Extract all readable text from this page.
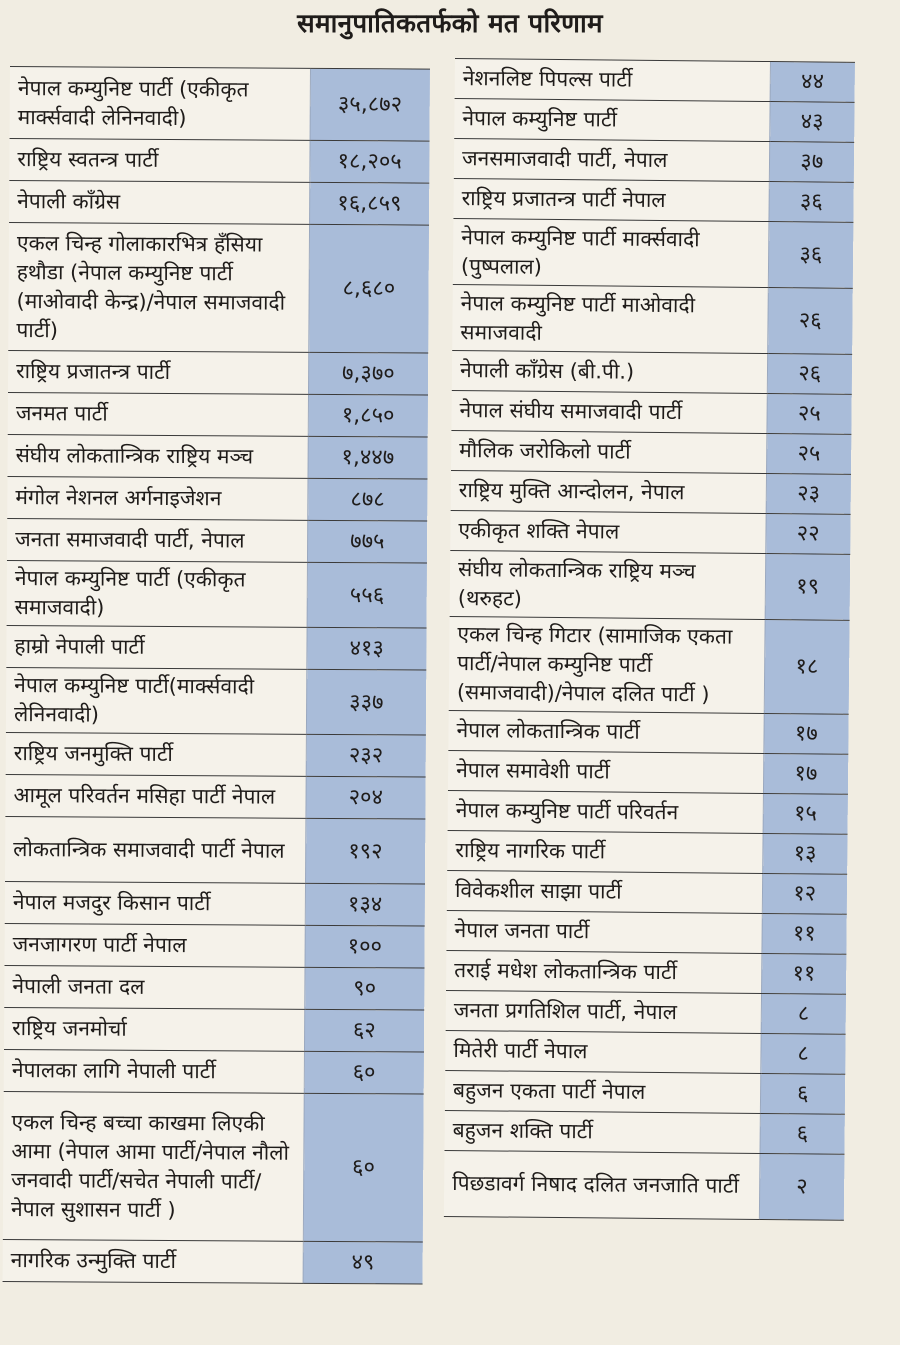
समानुपातिकतर्फको मत परिणाम
नेपाल कम्युनिष्ट पार्टी (एकीकृत मार्क्सवादी लेनिनवादी)	३५,८७२
राष्ट्रिय स्वतन्त्र पार्टी	१८,२०५
नेपाली काँग्रेस	१६,८५९
एकल चिन्ह गोलाकारभित्र हँसिया हथौडा (नेपाल कम्युनिष्ट पार्टी (माओवादी केन्द्र)/नेपाल समाजवादी पार्टी)	८,६८०
राष्ट्रिय प्रजातन्त्र पार्टी	७,३७०
जनमत पार्टी	१,८५०
संघीय लोकतान्त्रिक राष्ट्रिय मञ्च	१,४४७
मंगोल नेशनल अर्गनाइजेशन	८७८
जनता समाजवादी पार्टी, नेपाल	७७५
नेपाल कम्युनिष्ट पार्टी (एकीकृत समाजवादी)	५५६
हाम्रो नेपाली पार्टी	४१३
नेपाल कम्युनिष्ट पार्टी(मार्क्सवादी लेनिनवादी)	३३७
राष्ट्रिय जनमुक्ति पार्टी	२३२
आमूल परिवर्तन मसिहा पार्टी नेपाल	२०४
लोकतान्त्रिक समाजवादी पार्टी नेपाल	१९२
नेपाल मजदुर किसान पार्टी	१३४
जनजागरण पार्टी नेपाल	१००
नेपाली जनता दल	९०
राष्ट्रिय जनमोर्चा	६२
नेपालका लागि नेपाली पार्टी	६०
एकल चिन्ह बच्चा काखमा लिएकी आमा (नेपाल आमा पार्टी/नेपाल नौलो जनवादी पार्टी/सचेत नेपाली पार्टी/नेपाल सुशासन पार्टी )	६०
नागरिक उन्मुक्ति पार्टी	४९
नेशनलिष्ट पिपल्स पार्टी	४४
नेपाल कम्युनिष्ट पार्टी	४३
जनसमाजवादी पार्टी, नेपाल	३७
राष्ट्रिय प्रजातन्त्र पार्टी नेपाल	३६
नेपाल कम्युनिष्ट पार्टी मार्क्सवादी (पुष्पलाल)	३६
नेपाल कम्युनिष्ट पार्टी माओवादी समाजवादी	२६
नेपाली काँग्रेस (बी.पी.)	२६
नेपाल संघीय समाजवादी पार्टी	२५
मौलिक जरोकिलो पार्टी	२५
राष्ट्रिय मुक्ति आन्दोलन, नेपाल	२३
एकीकृत शक्ति नेपाल	२२
संघीय लोकतान्त्रिक राष्ट्रिय मञ्च (थरुहट)	१९
एकल चिन्ह गिटार (सामाजिक एकता पार्टी/नेपाल कम्युनिष्ट पार्टी (समाजवादी)/नेपाल दलित पार्टी )	१८
नेपाल लोकतान्त्रिक पार्टी	१७
नेपाल समावेशी पार्टी	१७
नेपाल कम्युनिष्ट पार्टी परिवर्तन	१५
राष्ट्रिय नागरिक पार्टी	१३
विवेकशील साझा पार्टी	१२
नेपाल जनता पार्टी	११
तराई मधेश लोकतान्त्रिक पार्टी	११
जनता प्रगतिशिल पार्टी, नेपाल	८
मितेरी पार्टी नेपाल	८
बहुजन एकता पार्टी नेपाल	६
बहुजन शक्ति पार्टी	६
पिछडावर्ग निषाद दलित जनजाति पार्टी	२
